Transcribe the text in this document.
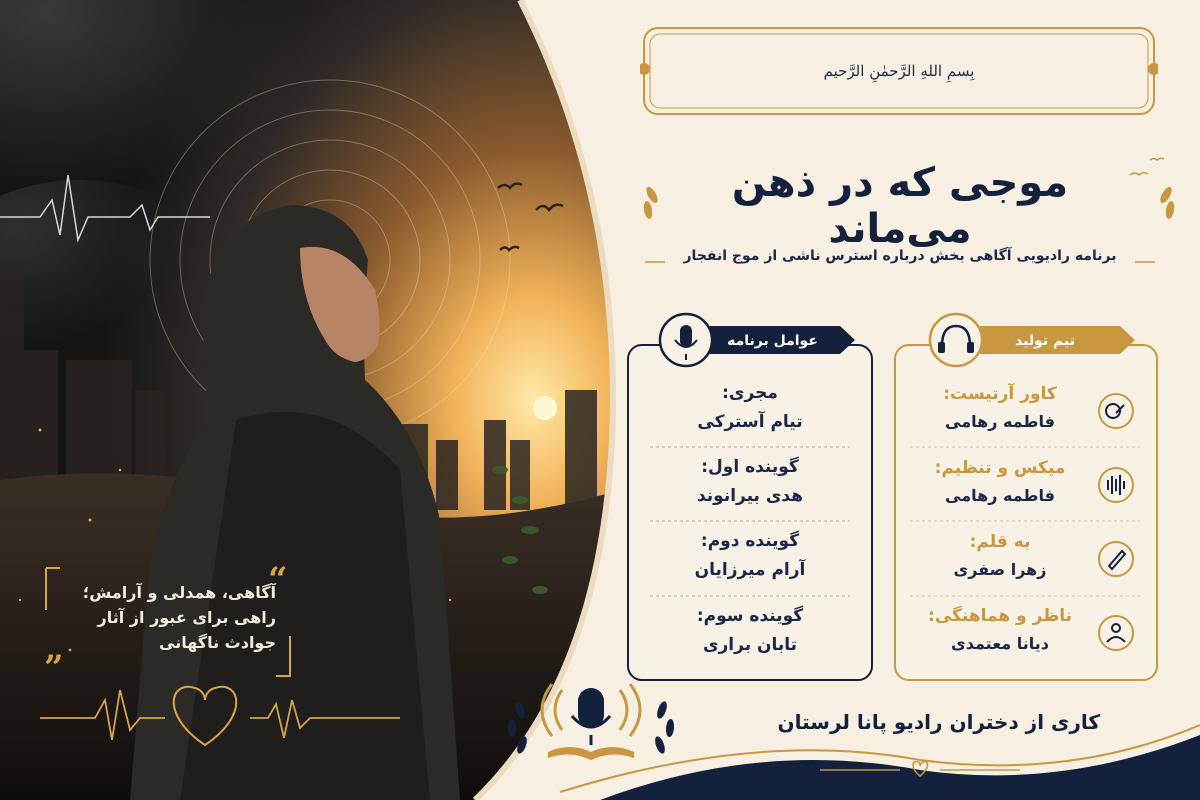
بِسمِ اللهِ الرَّحمٰنِ الرَّحيم
موجی که در ذهن می‌ماند
برنامه رادیویی آگاهی بخش درباره استرس ناشی از موج انفجار
عوامل برنامه	تیم تولید
مجری:
تیام آسترکی
گوینده اول:
هدی بیرانوند
گوینده دوم:
آرام میرزایان
گوینده سوم:
تابان براری
کاور آرتیست:
فاطمه رهامی
میکس و تنظیم:
فاطمه رهامی
به قلم:
زهرا صفری
ناظر و هماهنگی:
دیانا معتمدی
“
”
آگاهی، همدلی و آرامش؛
راهی برای عبور از آثار
جوادث ناگهانی
کاری از دختران رادیو پانا لرستان
